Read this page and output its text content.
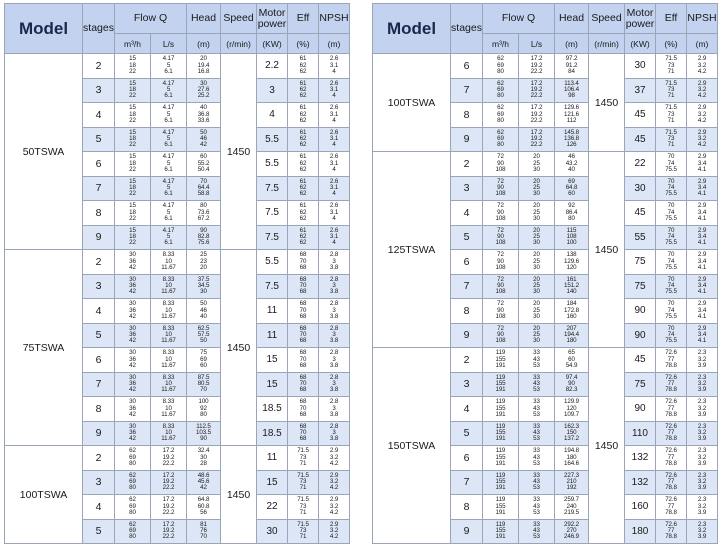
Model	stages	Flow Q		Head	Speed	Motor power	Eff	NPSH
		m³/h	L/s	(m)	(r/min)	(KW)	(%)	(m)
50TSWA	2	15
18
22	4.17
5
6.1	20
19.4
16.8	1450	2.2	61
62
62	2.6
3.1
4

	3	15
18
22	4.17
5
6.1	30
27.6
25.2		3	61
62
62	2.6
3.1
4

	4	15
18
22	4.17
5
6.1	40
36.8
33.6		4	61
62
62	2.6
3.1
4

	5	15
18
22	4.17
5
6.1	50
46
42		5.5	61
62
62	2.6
3.1
4

	6	15
18
22	4.17
5
6.1	60
55.2
50.4		5.5	61
62
62	2.6
3.1
4

	7	15
18
22	4.17
5
6.1	70
64.4
58.8		7.5	61
62
62	2.6
3.1
4

	8	15
18
22	4.17
5
6.1	80
73.6
67.2		7.5	61
62
62	2.6
3.1
4

	9	15
18
22	4.17
5
6.1	90
82.8
75.6		7.5	61
62
62	2.6
3.1
4

75TSWA	2	30
36
42	8.33
10
11.67	25
23
20	1450	5.5	68
70
68	2.8
3
3.8

	3	30
36
42	8.33
10
11.67	37.5
34.5
30		7.5	68
70
68	2.8
3
3.8

	4	30
36
42	8.33
10
11.67	50
46
40		11	68
70
68	2.8
3
3.8

	5	30
36
42	8.33
10
11.67	62.5
57.5
50		11	68
70
68	2.8
3
3.8

	6	30
36
42	8.33
10
11.67	75
69
60		15	68
70
68	2.8
3
3.8

	7	30
36
42	8.33
10
11.67	87.5
80.5
70		15	68
70
68	2.8
3
3.8

	8	30
36
42	8.33
10
11.67	100
92
80		18.5	68
70
68	2.8
3
3.8

	9	30
36
42	8.33
10
11.67	112.5
103.5
90		18.5	68
70
68	2.8
3
3.8

100TSWA	2	62
69
80	17.2
19.2
22.2	32.4
30
28	1450	11	71.5
73
71	2.9
3.2
4.2

	3	62
69
80	17.2
19.2
22.2	48.6
45.6
42		15	71.5
73
71	2.9
3.2
4.2

	4	62
69
80	17.2
19.2
22.2	64.8
60.8
56		22	71.5
73
71	2.9
3.2
4.2

	5	62
69
80	17.2
19.2
22.2	81
76
70		30	71.5
73
71	2.9
3.2
4.2
Model	stages	Flow Q		Head	Speed	Motor power	Eff	NPSH
		m³/h	L/s	(m)	(r/min)	(KW)	(%)	(m)
100TSWA	6	62
69
80	17.2
19.2
22.2	97.2
91.2
84	1450	30	71.5
73
71	2.9
3.2
4.2

	7	62
69
80	17.2
19.2
22.2	113.4
106.4
98		37	71.5
73
71	2.9
3.2
4.2

	8	62
69
80	17.2
19.2
22.2	129.6
121.6
112		45	71.5
73
71	2.9
3.2
4.2

	9	62
69
80	17.2
19.2
22.2	145.8
136.8
126		45	71.5
73
71	2.9
3.2
4.2

125TSWA	2	72
90
108	20
25
30	46
43.2
40	1450	22	70
74
75.5	2.9
3.4
4.1

	3	72
90
108	20
25
30	69
64.8
60		30	70
74
75.5	2.9
3.4
4.1

	4	72
90
108	20
25
30	92
86.4
80		45	70
74
75.5	2.9
3.4
4.1

	5	72
90
108	20
25
30	115
108
100		55	70
74
75.5	2.9
3.4
4.1

	6	72
90
108	20
25
30	138
129.6
120		75	70
74
75.5	2.9
3.4
4.1

	7	72
90
108	20
25
30	161
151.2
140		75	70
74
75.5	2.9
3.4
4.1

	8	72
90
108	20
25
30	184
172.8
160		90	70
74
75.5	2.9
3.4
4.1

	9	72
90
108	20
25
30	207
194.4
180		90	70
74
75.5	2.9
3.4
4.1

150TSWA	2	119
155
191	33
43
53	65
60
54.9	1450	45	72.6
77
78.8	2.3
3.2
3.9

	3	119
155
191	33
43
53	97.4
90
82.3		75	72.6
77
78.8	2.3
3.2
3.9

	4	119
155
191	33
43
53	129.9
120
109.7		90	72.6
77
78.8	2.3
3.2
3.9

	5	119
155
191	33
43
53	162.3
150
137.2		110	72.6
77
78.8	2.3
3.2
3.9

	6	119
155
191	33
43
53	194.8
180
164.6		132	72.6
77
78.8	2.3
3.2
3.9

	7	119
155
191	33
43
53	227.3
210
192		132	72.6
77
78.8	2.3
3.2
3.9

	8	119
155
191	33
43
53	259.7
240
219.5		160	72.6
77
78.8	2.3
3.2
3.9

	9	119
155
191	33
43
53	292.2
270
246.9		180	72.6
77
78.8	2.3
3.2
3.9
